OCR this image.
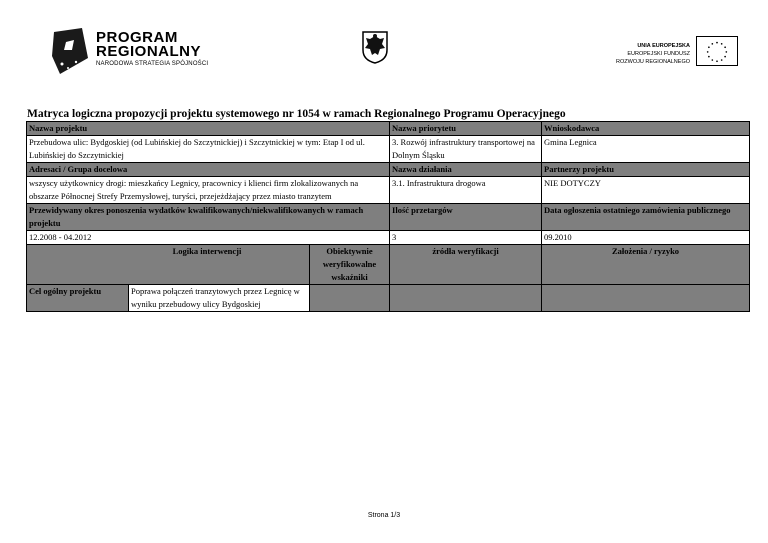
PROGRAM
REGIONALNY
NARODOWA STRATEGIA SPÓJNOŚCI
UNIA EUROPEJSKA
EUROPEJSKI FUNDUSZ
ROZWOJU REGIONALNEGO
Matryca logiczna propozycji projektu systemowego nr 1054 w ramach Regionalnego Programu Operacyjnego
Nazwa projektu			Nazwa priorytetu	Wnioskodawca
Przebudowa ulic: Bydgoskiej (od Lubińskiej do Szczytnickiej) i Szczytnickiej w tym: Etap I od ul. Lubińskiej do Szczytnickiej			3. Rozwój infrastruktury transportowej na Dolnym Śląsku	Gmina Legnica
Adresaci / Grupa docelowa			Nazwa działania	Partnerzy projektu
wszyscy użytkownicy drogi: mieszkańcy Legnicy, pracownicy i klienci firm zlokalizowanych na obszarze Północnej Strefy Przemysłowej, turyści, przejeżdżający przez miasto tranzytem			3.1. Infrastruktura drogowa	NIE DOTYCZY
Przewidywany okres ponoszenia wydatków kwalifikowanych/niekwalifikowanych w ramach projektu			Ilość przetargów	Data ogłoszenia ostatniego zamówienia publicznego
12.2008 - 04.2012			3	09.2010
Logika interwencji		Obiektywnie weryfikowalne wskaźniki	źródła weryfikacji	Założenia / ryzyko
Cel ogólny projektu	Poprawa połączeń tranzytowych przez Legnicę w wyniku przebudowy ulicy Bydgoskiej			
Strona 1/3
